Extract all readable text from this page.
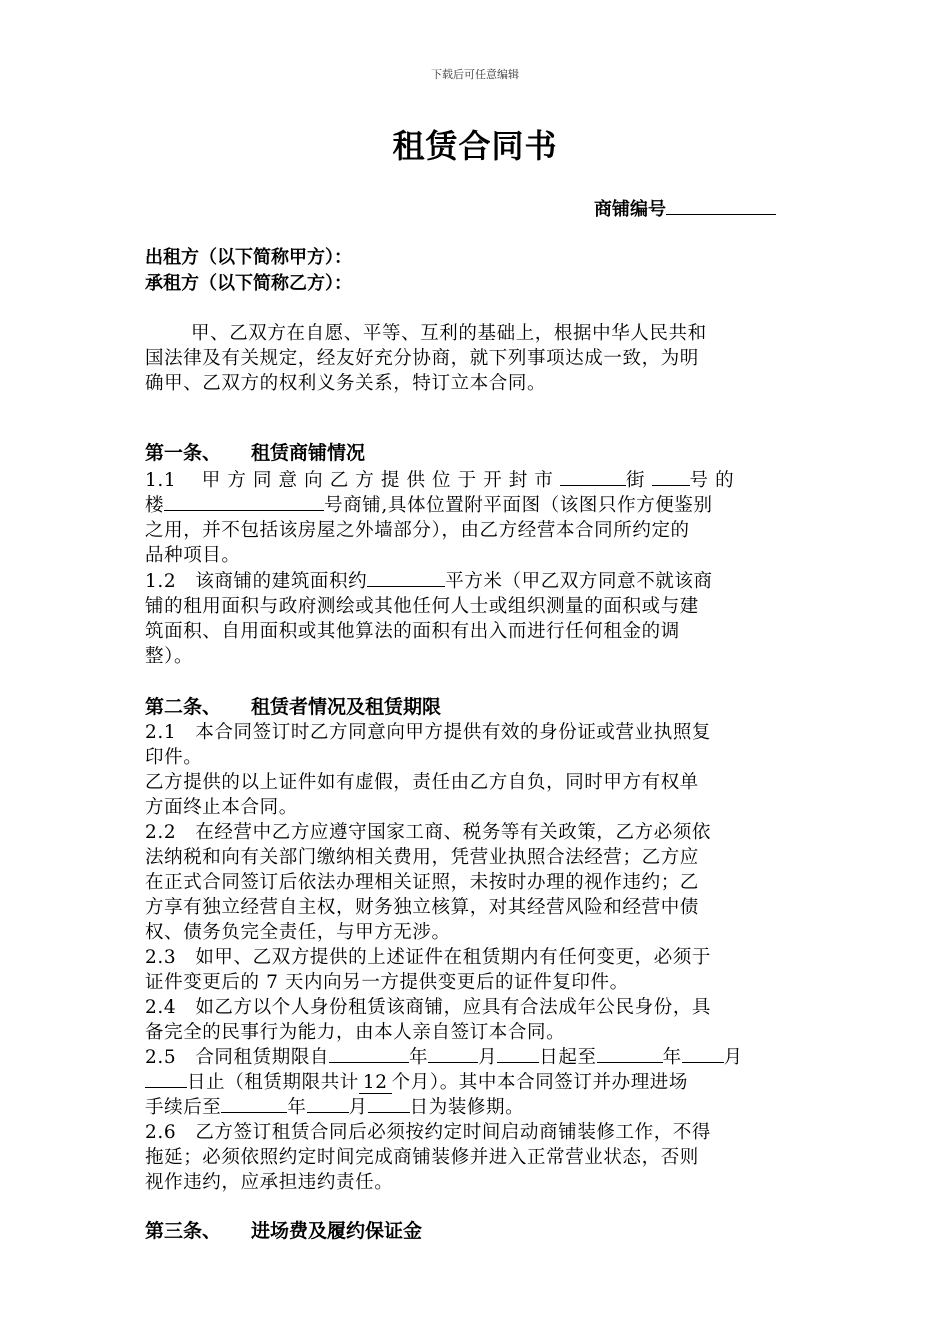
下载后可任意编辑
租赁合同书
商铺编号
出租方（以下简称甲方）：
承租方（以下简称乙方）：
甲、乙双方在自愿、平等、互利的基础上，根据中华人民共和
国法律及有关规定，经友好充分协商，就下列事项达成一致，为明
确甲、乙双方的权利义务关系，特订立本合同。
第一条、 租赁商铺情况
1.1　 甲 方 同 意 向 乙 方 提 供 位 于 开 封 市	街 号 的
楼	号商铺,具体位置附平面图（该图只作方便鉴别
之用，并不包括该房屋之外墙部分），由乙方经营本合同所约定的
品种项目。
1.2　该商铺的建筑面积约	平方米（甲乙双方同意不就该商
铺的租用面积与政府测绘或其他任何人士或组织测量的面积或与建
筑面积、自用面积或其他算法的面积有出入而进行任何租金的调
整）。
第二条、 租赁者情况及租赁期限
2.1　本合同签订时乙方同意向甲方提供有效的身份证或营业执照复
印件。
乙方提供的以上证件如有虚假，责任由乙方自负，同时甲方有权单
方面终止本合同。
2.2　在经营中乙方应遵守国家工商、税务等有关政策，乙方必须依
法纳税和向有关部门缴纳相关费用，凭营业执照合法经营；乙方应
在正式合同签订后依法办理相关证照，未按时办理的视作违约；乙
方享有独立经营自主权，财务独立核算，对其经营风险和经营中债
权、债务负完全责任，与甲方无涉。
2.3　如甲、乙双方提供的上述证件在租赁期内有任何变更，必须于
证件变更后的 7 天内向另一方提供变更后的证件复印件。
2.4　如乙方以个人身份租赁该商铺，应具有合法成年公民身份，具
备完全的民事行为能力，由本人亲自签订本合同。
2.5　合同租赁期限自	年	月 日起至	年 月
日止（租赁期限共计 12 个月）。其中本合同签订并办理进场
手续后至	年 月 日为装修期。
2.6　乙方签订租赁合同后必须按约定时间启动商铺装修工作，不得
拖延；必须依照约定时间完成商铺装修并进入正常营业状态，否则
视作违约，应承担违约责任。
第三条、 进场费及履约保证金
